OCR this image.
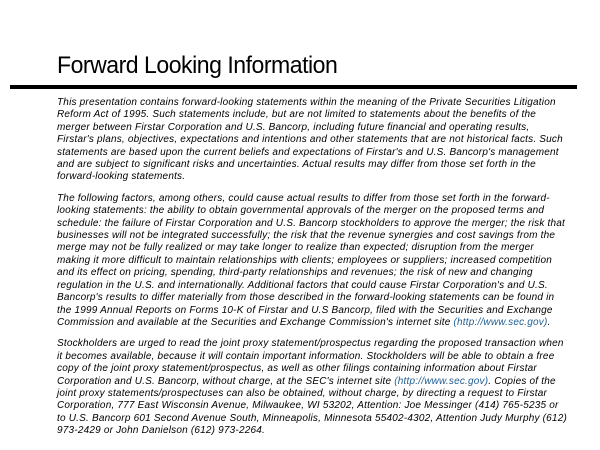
Forward Looking Information

This presentation contains forward-looking statements within the meaning of the Private Securities Litigation Reform Act of 1995. Such statements include, but are not limited to statements about the benefits of the merger between Firstar Corporation and U.S. Bancorp, including future financial and operating results, Firstar's plans, objectives, expectations and intentions and other statements that are not historical facts. Such statements are based upon the current beliefs and expectations of Firstar's and U.S. Bancorp's management and are subject to significant risks and uncertainties. Actual results may differ from those set forth in the forward-looking statements.

The following factors, among others, could cause actual results to differ from those set forth in the forward-looking statements: the ability to obtain governmental approvals of the merger on the proposed terms and schedule: the failure of Firstar Corporation and U.S. Bancorp stockholders to approve the merger; the risk that businesses will not be integrated successfully; the risk that the revenue synergies and cost savings from the merge may not be fully realized or may take longer to realize than expected; disruption from the merger making it more difficult to maintain relationships with clients; employees or suppliers; increased competition and its effect on pricing, spending, third-party relationships and revenues; the risk of new and changing regulation in the U.S. and internationally. Additional factors that could cause Firstar Corporation's and U.S. Bancorp's results to differ materially from those described in the forward-looking statements can be found in the 1999 Annual Reports on Forms 10-K of Firstar and U.S Bancorp, filed with the Securities and Exchange Commission and available at the Securities and Exchange Commission's internet site (http://www.sec.gov).

Stockholders are urged to read the joint proxy statement/prospectus regarding the proposed transaction when it becomes available, because it will contain important information. Stockholders will be able to obtain a free copy of the joint proxy statement/prospectus, as well as other filings containing information about Firstar Corporation and U.S. Bancorp, without charge, at the SEC's internet site (http://www.sec.gov). Copies of the joint proxy statements/prospectuses can also be obtained, without charge, by directing a request to Firstar Corporation, 777 East Wisconsin Avenue, Milwaukee, WI 53202, Attention: Joe Messinger (414) 765-5235 or to U.S. Bancorp 601 Second Avenue South, Minneapolis, Minnesota 55402-4302, Attention Judy Murphy (612) 973-2429 or John Danielson (612) 973-2264.
